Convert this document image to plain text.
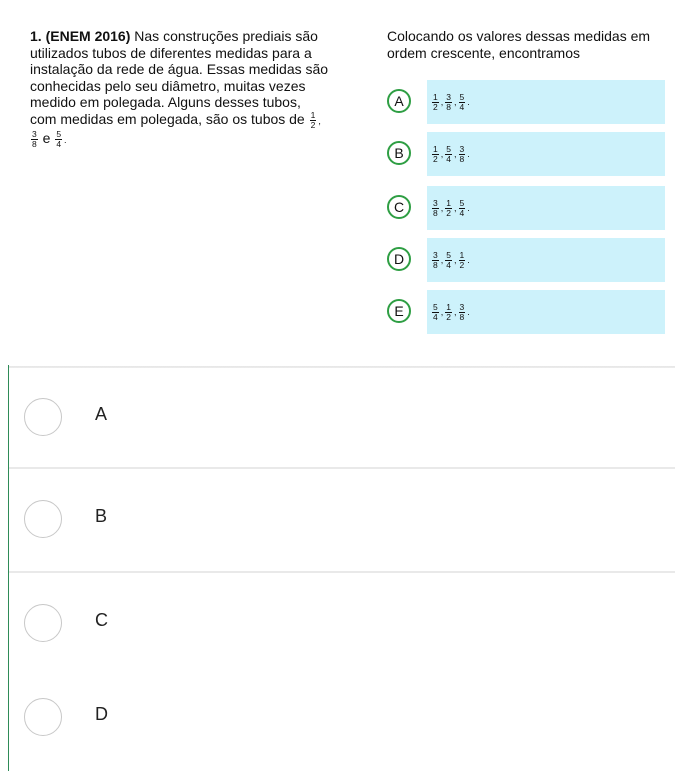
1. (ENEM 2016) Nas construções prediais são utilizados tubos de diferentes medidas para a instalação da rede de água. Essas medidas são conhecidas pelo seu diâmetro, muitas vezes medido em polegada. Alguns desses tubos, com medidas em polegada, são os tubos de $\frac{1}{2}$ ,
$\frac{3}{8}$ e $\frac{5}{4}$ .
Colocando os valores dessas medidas em ordem crescente, encontramos
A	$\frac{1}{2}$ , $\frac{3}{8}$ , $\frac{5}{4}$ .
B	$\frac{1}{2}$ , $\frac{5}{4}$ , $\frac{3}{8}$ .
C	$\frac{3}{8}$ , $\frac{1}{2}$ , $\frac{5}{4}$ .
D	$\frac{3}{8}$ , $\frac{5}{4}$ , $\frac{1}{2}$ .
E	$\frac{5}{4}$ , $\frac{1}{2}$ , $\frac{3}{8}$ .
A
B
C
D
